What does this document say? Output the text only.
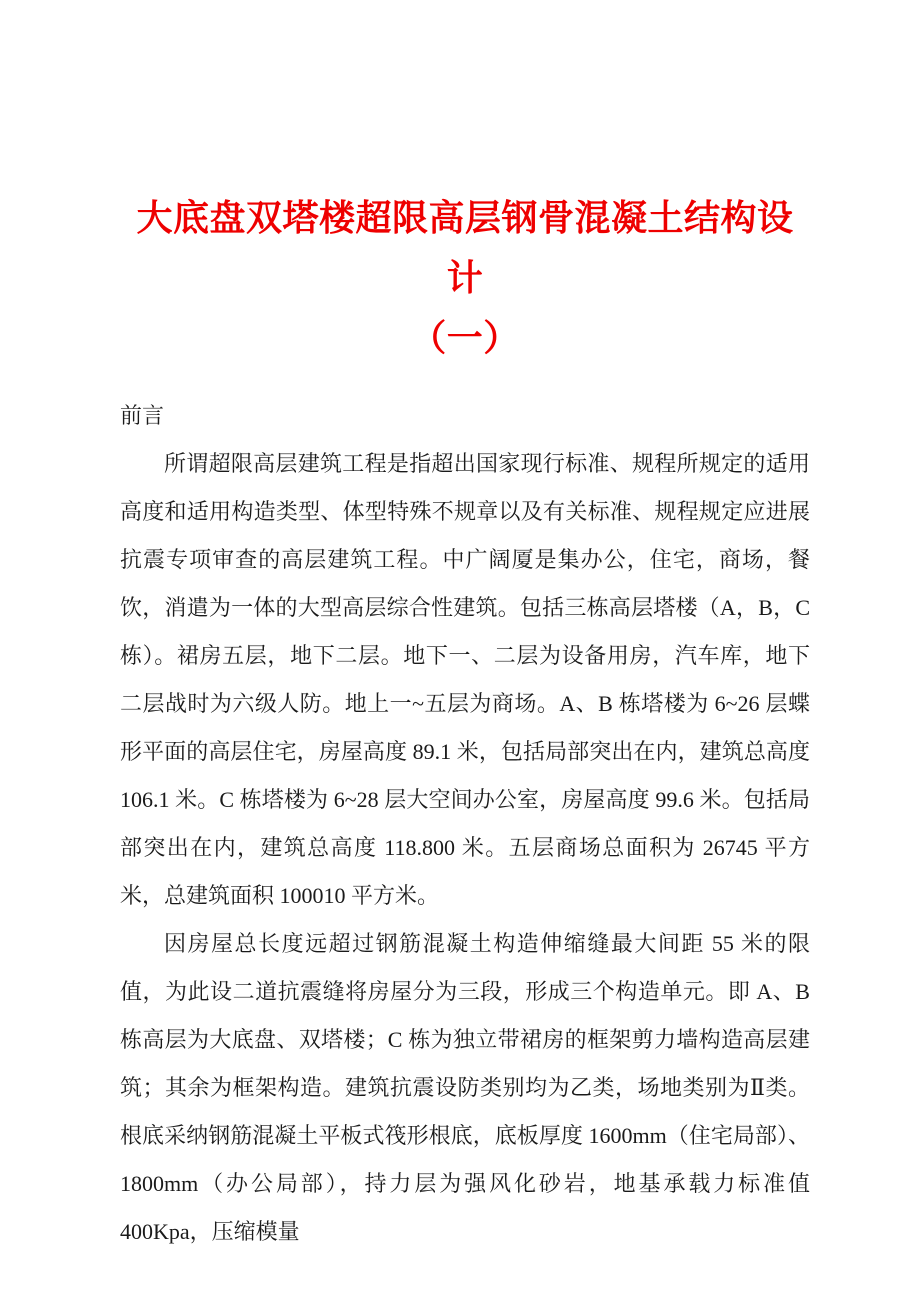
大底盘双塔楼超限高层钢骨混凝土结构设计
（一）
前言

所谓超限高层建筑工程是指超出国家现行标准、规程所规定的适用高度和适用构造类型、体型特殊不规章以及有关标准、规程规定应进展抗震专项审查的高层建筑工程。中广阔厦是集办公，住宅，商场，餐饮，消遣为一体的大型高层综合性建筑。包括三栋高层塔楼（A，B，C 栋）。裙房五层，地下二层。地下一、二层为设备用房，汽车库，地下二层战时为六级人防。地上一~五层为商场。A、B 栋塔楼为 6~26 层蝶形平面的高层住宅，房屋高度 89.1 米，包括局部突出在内，建筑总高度 106.1 米。C 栋塔楼为 6~28 层大空间办公室，房屋高度 99.6 米。包括局部突出在内，建筑总高度 118.800 米。五层商场总面积为 26745 平方米，总建筑面积 100010 平方米。

因房屋总长度远超过钢筋混凝土构造伸缩缝最大间距 55 米的限值，为此设二道抗震缝将房屋分为三段，形成三个构造单元。即 A、B 栋高层为大底盘、双塔楼；C 栋为独立带裙房的框架剪力墙构造高层建筑；其余为框架构造。建筑抗震设防类别均为乙类，场地类别为Ⅱ类。根底采纳钢筋混凝土平板式筏形根底，底板厚度 1600mm（住宅局部）、1800mm（办公局部），持力层为强风化砂岩，地基承载力标准值 400Kpa，压缩模量
